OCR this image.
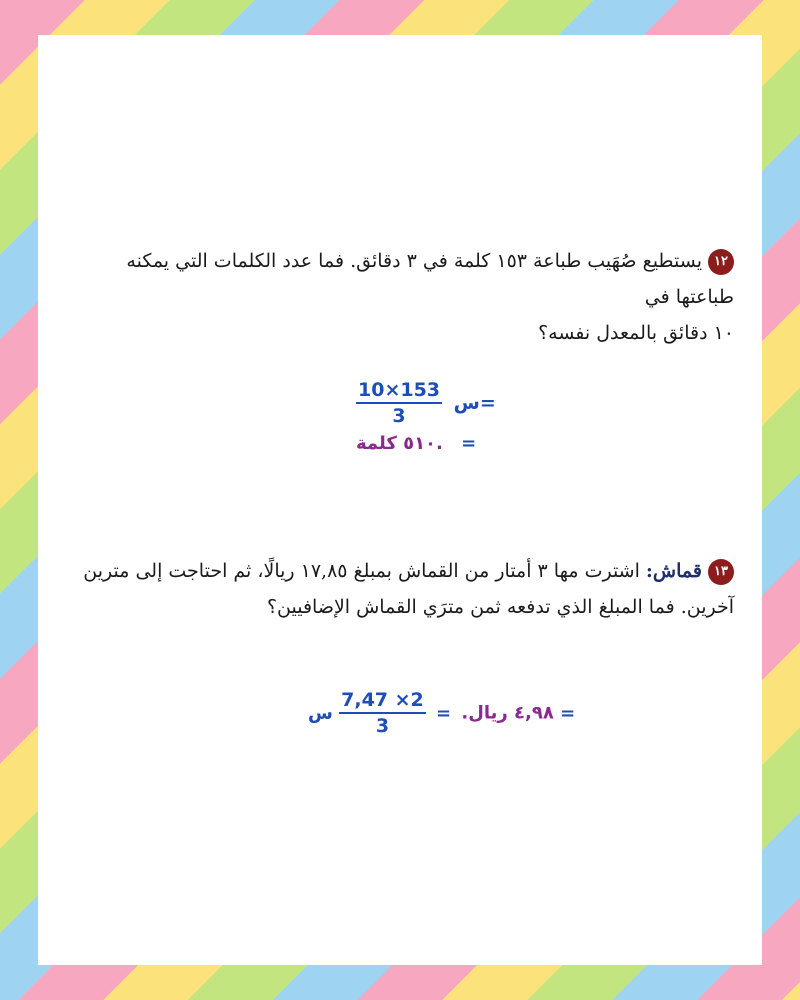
١٢يستطيع صُهَيب طباعة ١٥٣ كلمة في ٣ دقائق. فما عدد الكلمات التي يمكنه طباعتها في
١٠ دقائق بالمعدل نفسه؟
$\frac{10\times 153}{3}$ س=
٥١٠ كلمة. =
١٣قماش: اشترت مها ٣ أمتار من القماش بمبلغ ١٧,٨٥ ريالًا، ثم احتاجت إلى مترين
آخرين. فما المبلغ الذي تدفعه ثمن مترَي القماش الإضافيين؟
٤,٩٨ ريال. =
$\frac{7,47 \times 2}{3}$
س =
